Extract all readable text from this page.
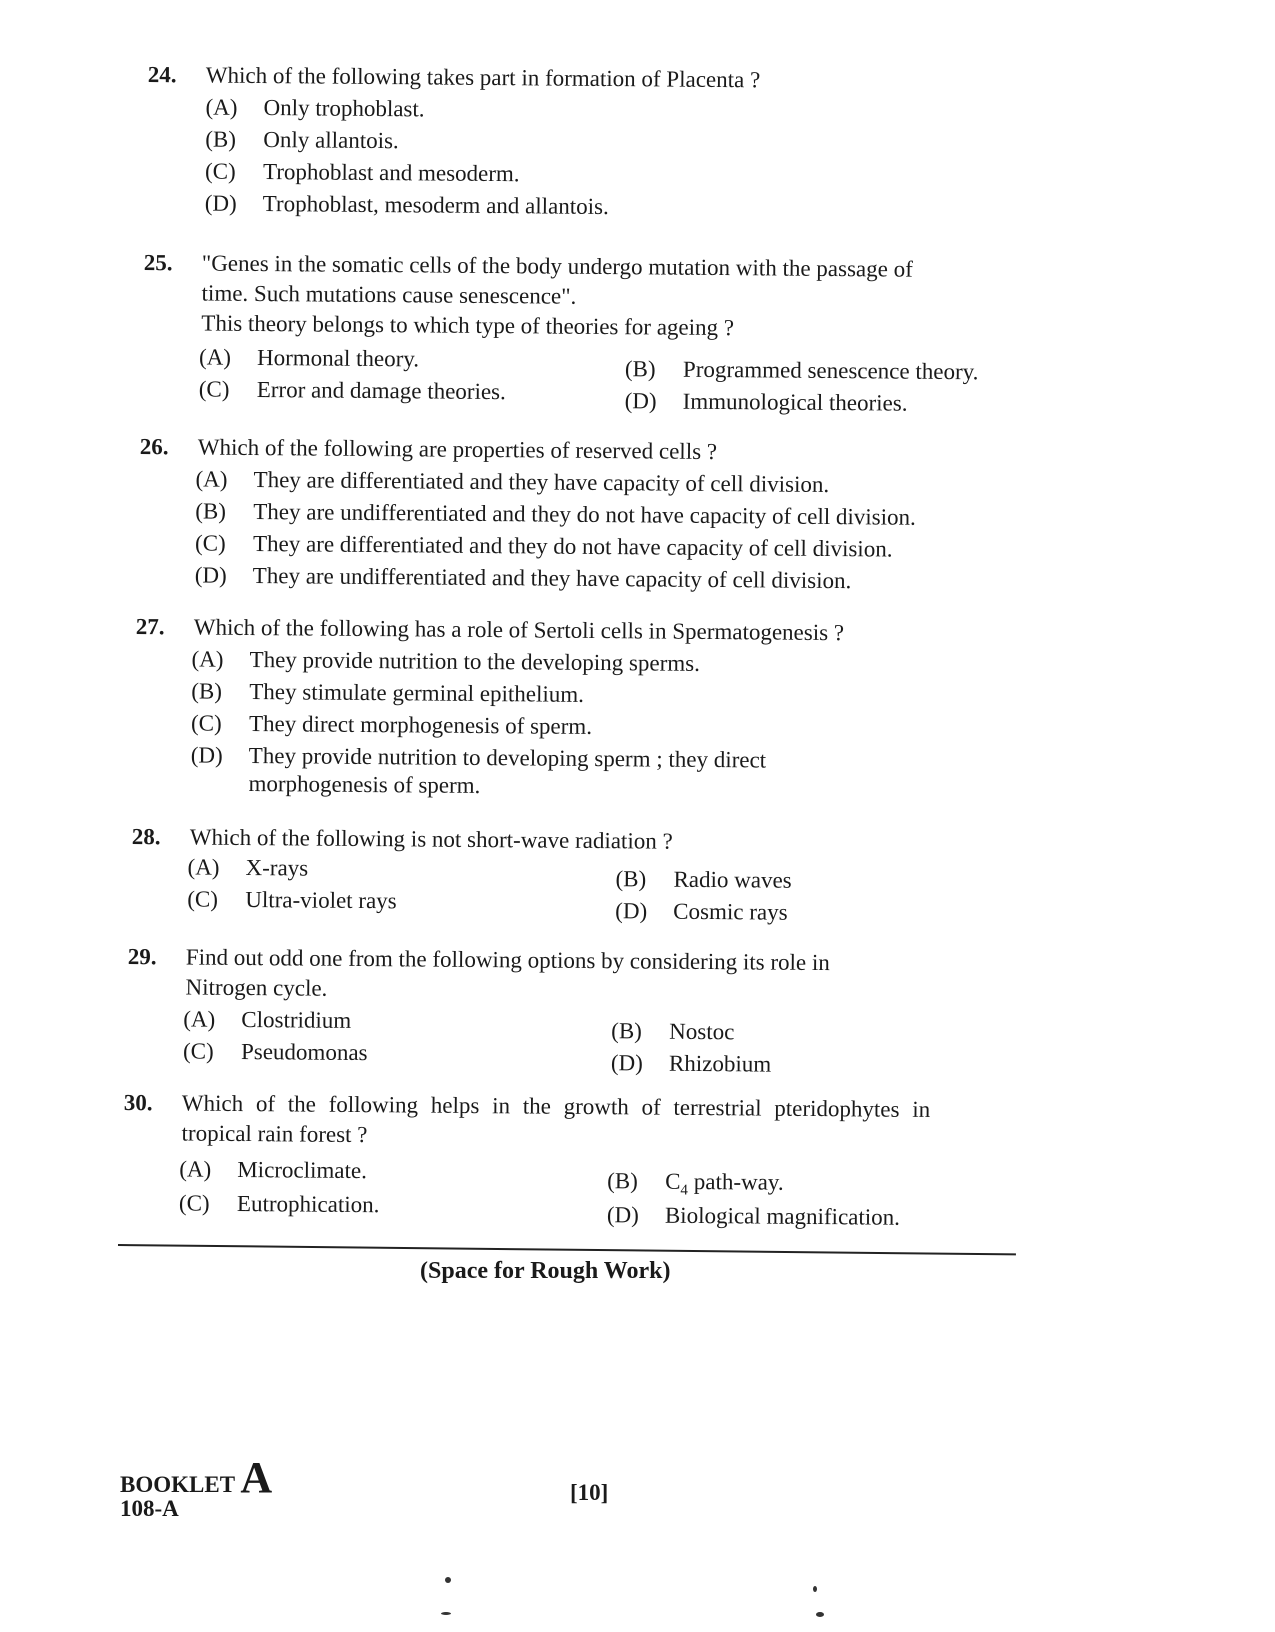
24. Which of the following takes part in formation of Placenta ?
(A) Only trophoblast.
(B) Only allantois.
(C) Trophoblast and mesoderm.
(D) Trophoblast, mesoderm and allantois.
25. "Genes in the somatic cells of the body undergo mutation with the passage of
time. Such mutations cause senescence".
This theory belongs to which type of theories for ageing ?
(A) Hormonal theory.	(B) Programmed senescence theory.
(C) Error and damage theories.	(D) Immunological theories.
26. Which of the following are properties of reserved cells ?
(A) They are differentiated and they have capacity of cell division.
(B) They are undifferentiated and they do not have capacity of cell division.
(C) They are differentiated and they do not have capacity of cell division.
(D) They are undifferentiated and they have capacity of cell division.
27. Which of the following has a role of Sertoli cells in Spermatogenesis ?
(A) They provide nutrition to the developing sperms.
(B) They stimulate germinal epithelium.
(C) They direct morphogenesis of sperm.
(D) They provide nutrition to developing sperm ; they direct
morphogenesis of sperm.
28. Which of the following is not short-wave radiation ?
(A) X-rays	(B) Radio waves
(C) Ultra-violet rays	(D) Cosmic rays
29. Find out odd one from the following options by considering its role in
Nitrogen cycle.
(A) Clostridium	(B) Nostoc
(C) Pseudomonas	(D) Rhizobium
30. Which of the following helps in the growth of terrestrial pteridophytes in
tropical rain forest ?
(A) Microclimate.	(B) $C_4$ path-way.
(C) Eutrophication.	(D) Biological magnification.
(Space for Rough Work)
BOOKLET A
108-A
[10]
